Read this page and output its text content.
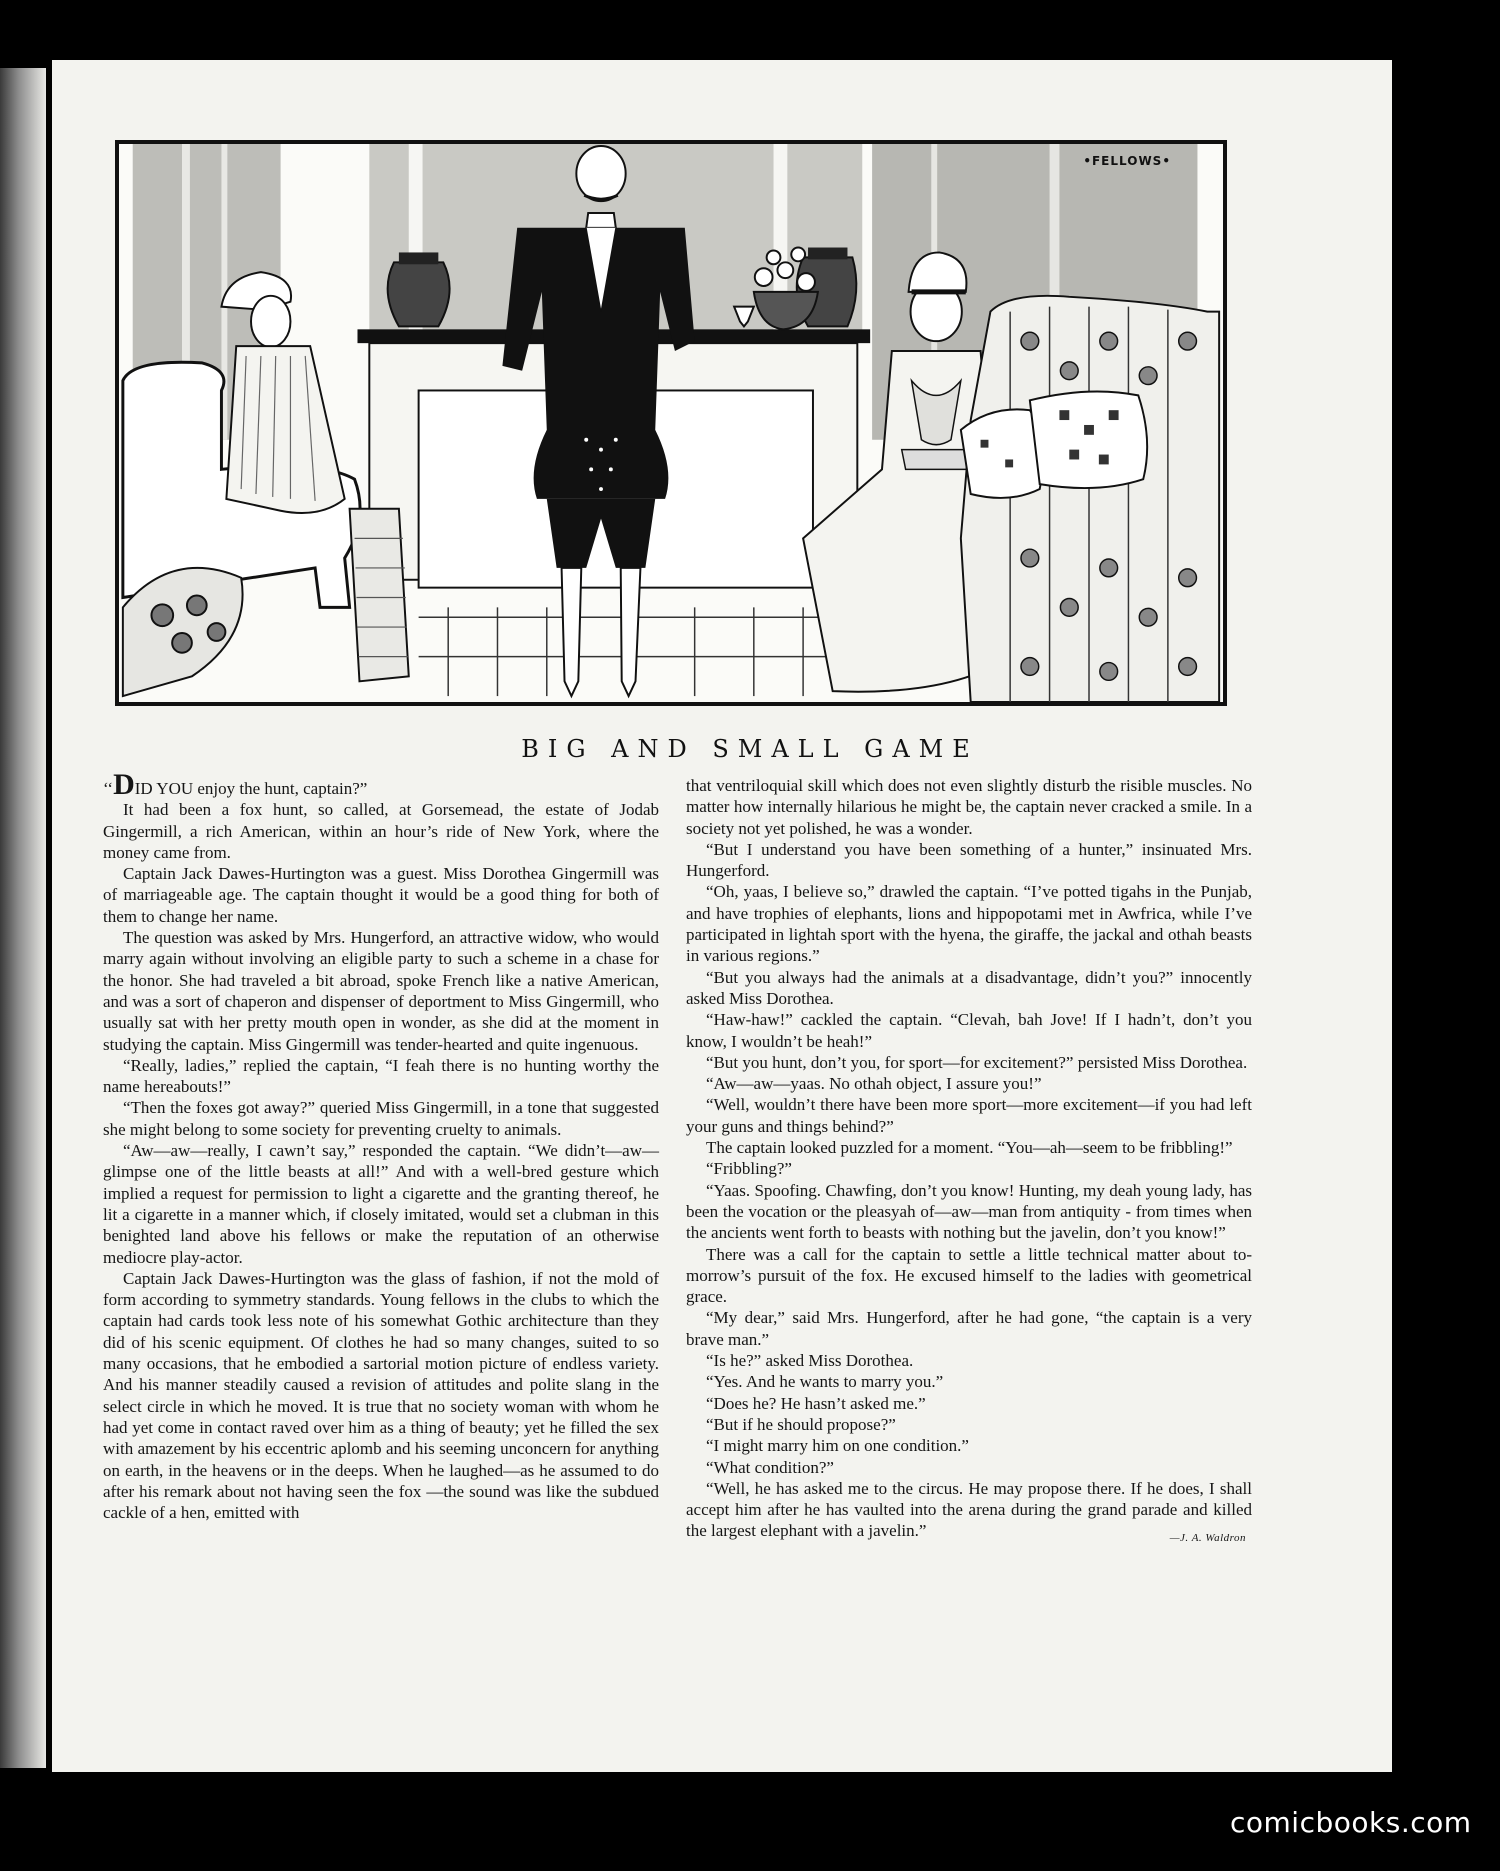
•FELLOWS•
BIG AND SMALL GAME

‘‘DID YOU enjoy the hunt, captain?”

It had been a fox hunt, so called, at Gorsemead, the estate of Jodab Gingermill, a rich American, within an hour’s ride of New York, where the money came from.

Captain Jack Dawes-Hurtington was a guest. Miss Dorothea Gingermill was of marriageable age. The captain thought it would be a good thing for both of them to change her name.

The question was asked by Mrs. Hungerford, an attractive widow, who would marry again without involving an eligible party to such a scheme in a chase for the honor. She had traveled a bit abroad, spoke French like a native American, and was a sort of chaperon and dispenser of deportment to Miss Gingermill, who usually sat with her pretty mouth open in wonder, as she did at the moment in studying the captain. Miss Gingermill was tender-hearted and quite ingenuous.

“Really, ladies,” replied the captain, “I feah there is no hunting worthy the name hereabouts!”

“Then the foxes got away?” queried Miss Gingermill, in a tone that suggested she might belong to some society for preventing cruelty to animals.

“Aw—aw—really, I cawn’t say,” responded the captain. “We didn’t—aw—glimpse one of the little beasts at all!” And with a well-bred gesture which implied a request for permission to light a cigarette and the granting thereof, he lit a cigarette in a manner which, if closely imitated, would set a clubman in this benighted land above his fellows or make the reputation of an otherwise mediocre play-actor.

Captain Jack Dawes-Hurtington was the glass of fashion, if not the mold of form according to symmetry standards. Young fellows in the clubs to which the captain had cards took less note of his somewhat Gothic architecture than they did of his scenic equipment. Of clothes he had so many changes, suited to so many occasions, that he embodied a sartorial motion picture of endless variety. And his manner steadily caused a revision of attitudes and polite slang in the select circle in which he moved. It is true that no society woman with whom he had yet come in contact raved over him as a thing of beauty; yet he filled the sex with amazement by his eccentric aplomb and his seeming unconcern for anything on earth, in the heavens or in the deeps. When he laughed—as he assumed to do after his remark about not having seen the fox —the sound was like the subdued cackle of a hen, emitted with

that ventriloquial skill which does not even slightly disturb the risible muscles. No matter how internally hilarious he might be, the captain never cracked a smile. In a society not yet polished, he was a wonder.

“But I understand you have been something of a hunter,” insinuated Mrs. Hungerford.

“Oh, yaas, I believe so,” drawled the captain. “I’ve potted tigahs in the Punjab, and have trophies of elephants, lions and hippopotami met in Awfrica, while I’ve participated in lightah sport with the hyena, the giraffe, the jackal and othah beasts in various regions.”

“But you always had the animals at a disadvantage, didn’t you?” innocently asked Miss Dorothea.

“Haw-haw!” cackled the captain. “Clevah, bah Jove! If I hadn’t, don’t you know, I wouldn’t be heah!”

“But you hunt, don’t you, for sport—for excitement?” persisted Miss Dorothea.

“Aw—aw—yaas. No othah object, I assure you!”

“Well, wouldn’t there have been more sport—more excitement—if you had left your guns and things behind?”

The captain looked puzzled for a moment. “You—ah—seem to be fribbling!”

“Fribbling?”

“Yaas. Spoofing. Chawfing, don’t you know! Hunting, my deah young lady, has been the vocation or the pleasyah of—aw—man from antiquity - from times when the ancients went forth to beasts with nothing but the javelin, don’t you know!”

There was a call for the captain to settle a little technical matter about to-morrow’s pursuit of the fox. He excused himself to the ladies with geometrical grace.

“My dear,” said Mrs. Hungerford, after he had gone, “the captain is a very brave man.”

“Is he?” asked Miss Dorothea.

“Yes. And he wants to marry you.”

“Does he? He hasn’t asked me.”

“But if he should propose?”

“I might marry him on one condition.”

“What condition?”

“Well, he has asked me to the circus. He may propose there. If he does, I shall accept him after he has vaulted into the arena during the grand parade and killed the largest elephant with a javelin.”	—J. A. Waldron
comicbooks.com
